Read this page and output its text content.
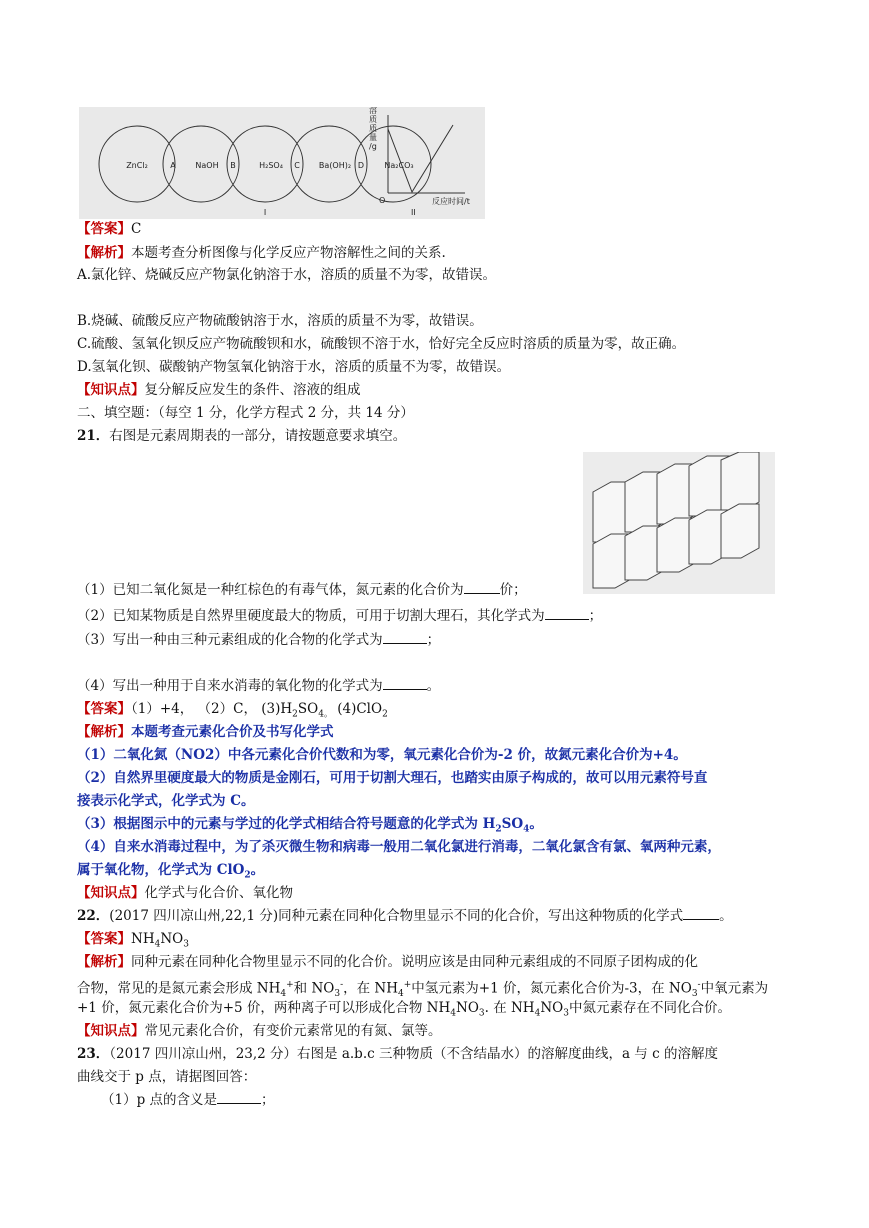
ZnCl₂	NaOH	H₂SO₄	Ba(OH)₂	Na₂CO₃
A	B	C	D
I
O	反应时间/t
II
溶质质量/g
【答案】C
【解析】本题考查分析图像与化学反应产物溶解性之间的关系.
A.氯化锌、烧碱反应产物氯化钠溶于水，溶质的质量不为零，故错误。
B.烧碱、硫酸反应产物硫酸钠溶于水，溶质的质量不为零，故错误。
C.硫酸、氢氧化钡反应产物硫酸钡和水，硫酸钡不溶于水，恰好完全反应时溶质的质量为零，故正确。
D.氢氧化钡、碳酸钠产物氢氧化钠溶于水，溶质的质量不为零，故错误。
【知识点】复分解反应发生的条件、溶液的组成
二、填空题：（每空 1 分，化学方程式 2 分，共 14 分）
21．右图是元素周期表的一部分，请按题意要求填空。
（1）已知二氧化氮是一种红棕色的有毒气体，氮元素的化合价为	价；
（2）已知某物质是自然界里硬度最大的物质，可用于切割大理石，其化学式为	；
（3）写出一种由三种元素组成的化合物的化学式为	；
（4）写出一种用于自来水消毒的氧化物的化学式为	。
【答案】（1）+4， （2）C， $(3)H_2SO_{4。}$ (4)ClO$_2$
【解析】本题考查元素化合价及书写化学式
（1）二氧化氮（NO2）中各元素化合价代数和为零，氧元素化合价为-2 价，故氮元素化合价为+4。
（2）自然界里硬度最大的物质是金刚石，可用于切割大理石，也踏实由原子构成的，故可以用元素符号直
接表示化学式，化学式为 C。
（3）根据图示中的元素与学过的化学式相结合符号题意的化学式为 $H_2SO_4$。
（4）自来水消毒过程中，为了杀灭微生物和病毒一般用二氧化氯进行消毒，二氧化氯含有氯、氧两种元素，
属于氧化物，化学式为 ClO$_2$。
【知识点】化学式与化合价、氧化物
22．(2017 四川凉山州,22,1 分)同种元素在同种化合物里显示不同的化合价，写出这种物质的化学式	。
【答案】$NH_4NO_3$
【解析】同种元素在同种化合物里显示不同的化合价。说明应该是由同种元素组成的不同原子团构成的化
合物，常见的是氮元素会形成 $NH_4^+$和 $NO_3^-$，在 $NH_4^+$中氢元素为+1 价，氮元素化合价为-3，在 $NO_3^-$中氧元素为
+1 价，氮元素化合价为+5 价，两种离子可以形成化合物 $NH_4NO_3$. 在 $NH_4NO_3$中氮元素存在不同化合价。
【知识点】常见元素化合价，有变价元素常见的有氮、氯等。
23．（2017 四川凉山州，23,2 分）右图是 a.b.c 三种物质（不含结晶水）的溶解度曲线，a 与 c 的溶解度
曲线交于 p 点，请据图回答：
（1）p 点的含义是	；
